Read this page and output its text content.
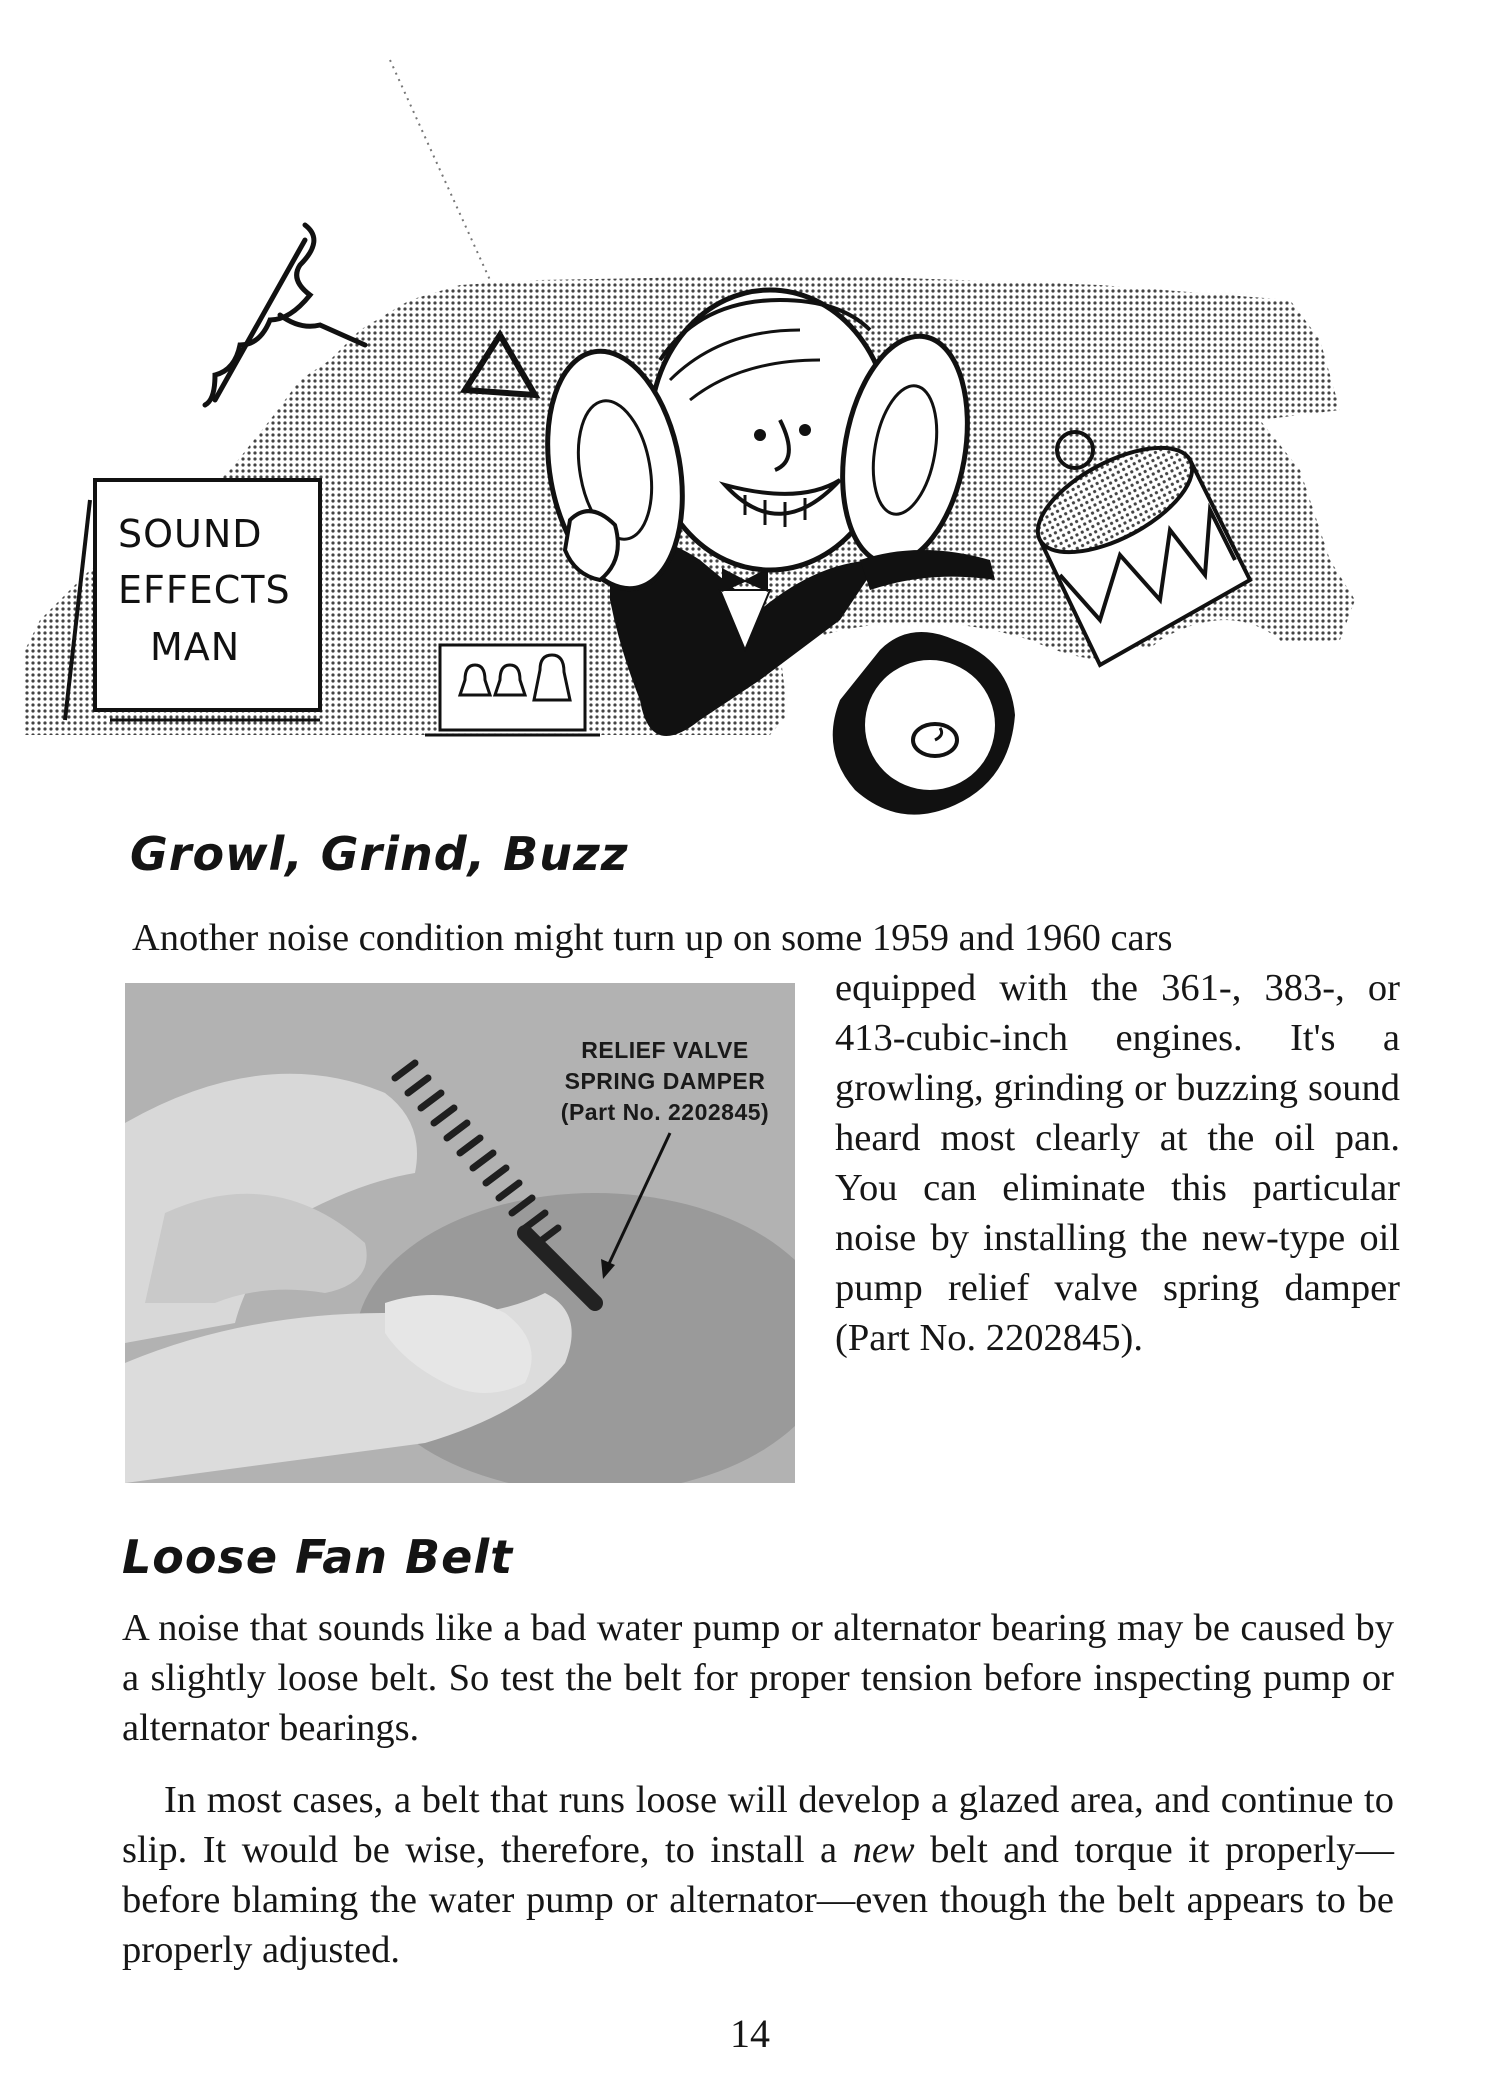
SOUND
EFFECTS
MAN
Growl, Grind, Buzz

Another noise condition might turn up on some 1959 and 1960 cars

RELIEF VALVE
SPRING DAMPER
(Part No. 2202845)

equipped with the 361-, 383-, or 413-cubic-inch engines. It's a growling, grinding or buzzing sound heard most clearly at the oil pan. You can eliminate this particular noise by installing the new-type oil pump relief valve spring damper (Part No. 2202845).

Loose Fan Belt

A noise that sounds like a bad water pump or alternator bearing may be caused by a slightly loose belt. So test the belt for proper tension before inspecting pump or alternator bearings.

In most cases, a belt that runs loose will develop a glazed area, and continue to slip. It would be wise, therefore, to install a new belt and torque it properly—before blaming the water pump or alternator—even though the belt appears to be properly adjusted.

14
